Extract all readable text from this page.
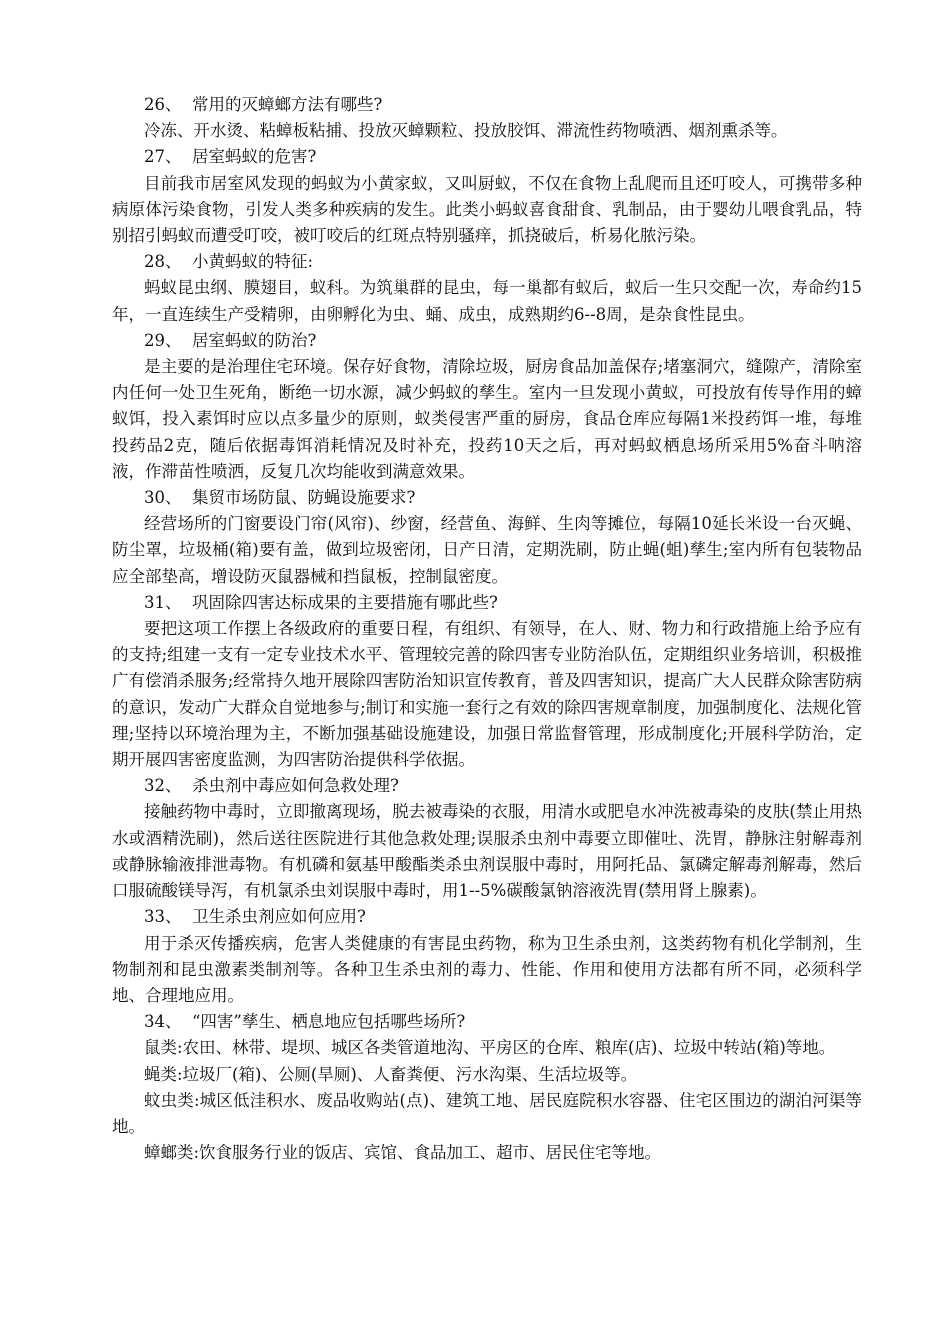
26、  常用的灭蟑螂方法有哪些?

冷冻、开水烫、粘蟑板粘捕、投放灭蟑颗粒、投放胶饵、滞流性药物喷洒、烟剂熏杀等。

27、  居室蚂蚁的危害?

目前我市居室风发现的蚂蚁为小黄家蚁，又叫厨蚁，不仅在食物上乱爬而且还叮咬人，可携带多种病原体污染食物，引发人类多种疾病的发生。此类小蚂蚁喜食甜食、乳制品，由于婴幼儿喂食乳品，特别招引蚂蚁而遭受叮咬，被叮咬后的红斑点特别骚痒，抓挠破后，析易化脓污染。

28、  小黄蚂蚁的特征:

蚂蚁昆虫纲、膜翅目，蚁科。为筑巢群的昆虫，每一巢都有蚁后，蚁后一生只交配一次，寿命约15年，一直连续生产受精卵，由卵孵化为虫、蛹、成虫，成熟期约6--8周，是杂食性昆虫。

29、  居室蚂蚁的防治?

是主要的是治理住宅环境。保存好食物，清除垃圾，厨房食品加盖保存;堵塞洞穴，缝隙产，清除室内任何一处卫生死角，断绝一切水源，减少蚂蚁的孳生。室内一旦发现小黄蚁，可投放有传导作用的蟑蚁饵，投入素饵时应以点多量少的原则，蚁类侵害严重的厨房，食品仓库应每隔1米投药饵一堆，每堆投药品2克，随后依据毒饵消耗情况及时补充，投药10天之后，再对蚂蚁栖息场所采用5%奋斗呐溶液，作滞苗性喷洒，反复几次均能收到满意效果。

30、  集贸市场防鼠、防蝇设施要求?

经营场所的门窗要设门帘(风帘)、纱窗，经营鱼、海鲜、生肉等摊位，每隔10延长米设一台灭蝇、防尘罩，垃圾桶(箱)要有盖，做到垃圾密闭，日产日清，定期洗刷，防止蝇(蛆)孳生;室内所有包装物品应全部垫高，增设防灭鼠器械和挡鼠板，控制鼠密度。

31、  巩固除四害达标成果的主要措施有哪此些?

要把这项工作摆上各级政府的重要日程，有组织、有领导，在人、财、物力和行政措施上给予应有的支持;组建一支有一定专业技术水平、管理较完善的除四害专业防治队伍，定期组织业务培训，积极推广有偿消杀服务;经常持久地开展除四害防治知识宣传教育，普及四害知识，提高广大人民群众除害防病的意识，发动广大群众自觉地参与;制订和实施一套行之有效的除四害规章制度，加强制度化、法规化管理;坚持以环境治理为主，不断加强基础设施建设，加强日常监督管理，形成制度化;开展科学防治，定期开展四害密度监测，为四害防治提供科学依据。

32、  杀虫剂中毒应如何急救处理?

接触药物中毒时，立即撤离现场，脱去被毒染的衣服，用清水或肥皂水冲洗被毒染的皮肤(禁止用热水或酒精洗刷)，然后送往医院进行其他急救处理;误服杀虫剂中毒要立即催吐、洗胃，静脉注射解毒剂或静脉输液排泄毒物。有机磷和氨基甲酸酯类杀虫剂误服中毒时，用阿托品、氯磷定解毒剂解毒，然后口服硫酸镁导泻，有机氯杀虫刘误服中毒时，用1--5%碳酸氯钠溶液洗胃(禁用肾上腺素)。

33、  卫生杀虫剂应如何应用?

用于杀灭传播疾病，危害人类健康的有害昆虫药物，称为卫生杀虫剂，这类药物有机化学制剂，生物制剂和昆虫激素类制剂等。各种卫生杀虫剂的毒力、性能、作用和使用方法都有所不同，必须科学地、合理地应用。

34、  “四害”孳生、栖息地应包括哪些场所?

鼠类:农田、林带、堤坝、城区各类管道地沟、平房区的仓库、粮库(店)、垃圾中转站(箱)等地。

蝇类:垃圾厂(箱)、公厕(旱厕)、人畜粪便、污水沟渠、生活垃圾等。

蚊虫类:城区低洼积水、废品收购站(点)、建筑工地、居民庭院积水容器、住宅区围边的湖泊河渠等地。

蟑螂类:饮食服务行业的饭店、宾馆、食品加工、超市、居民住宅等地。
